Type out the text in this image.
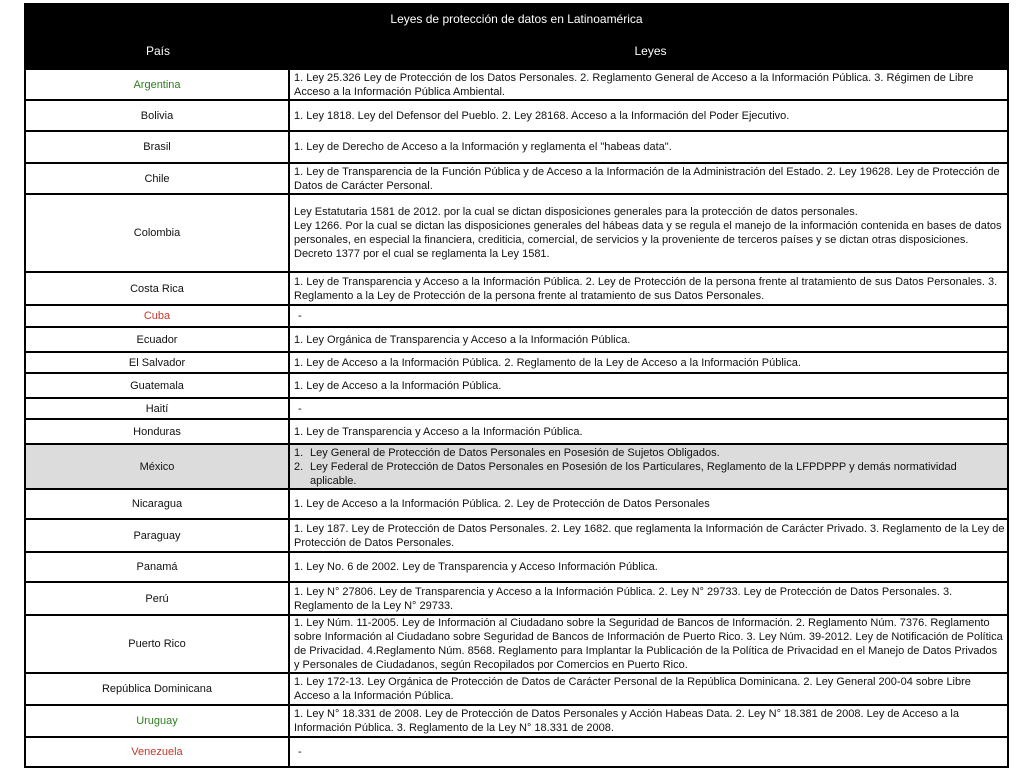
Leyes de protección de datos en Latinoamérica
País	Leyes
Argentina	1. Ley 25.326 Ley de Protección de los Datos Personales. 2. Reglamento General de Acceso a la Información Pública. 3. Régimen de Libre Acceso a la Información Pública Ambiental.

Bolivia	1. Ley 1818. Ley del Defensor del Pueblo. 2. Ley 28168. Acceso a la Información del Poder Ejecutivo.

Brasil	1. Ley de Derecho de Acceso a la Información y reglamenta el "habeas data".

Chile	1. Ley de Transparencia de la Función Pública y de Acceso a la Información de la Administración del Estado. 2. Ley 19628. Ley de Protección de Datos de Carácter Personal.

Colombia	Ley Estatutaria 1581 de 2012. por la cual se dictan disposiciones generales para la protección de datos personales.
Ley 1266. Por la cual se dictan las disposiciones generales del hábeas data y se regula el manejo de la información contenida en bases de datos personales, en especial la financiera, crediticia, comercial, de servicios y la proveniente de terceros países y se dictan otras disposiciones.
Decreto 1377 por el cual se reglamenta la Ley 1581.

Costa Rica	1. Ley de Transparencia y Acceso a la Información Pública. 2. Ley de Protección de la persona frente al tratamiento de sus Datos Personales. 3. Reglamento a la Ley de Protección de la persona frente al tratamiento de sus Datos Personales.

Cuba	-

Ecuador	1. Ley Orgánica de Transparencia y Acceso a la Información Pública.

El Salvador	1. Ley de Acceso a la Información Pública. 2. Reglamento de la Ley de Acceso a la Información Pública.

Guatemala	1. Ley de Acceso a la Información Pública.

Haití	-

Honduras	1. Ley de Transparencia y Acceso a la Información Pública.

México	1. Ley General de Protección de Datos Personales en Posesión de Sujetos Obligados.
2. Ley Federal de Protección de Datos Personales en Posesión de los Particulares, Reglamento de la LFPDPPP y demás normatividad aplicable.

Nicaragua	1. Ley de Acceso a la Información Pública. 2. Ley de Protección de Datos Personales

Paraguay	1. Ley 187. Ley de Protección de Datos Personales. 2. Ley 1682. que reglamenta la Información de Carácter Privado. 3. Reglamento de la Ley de Protección de Datos Personales.

Panamá	1. Ley No. 6 de 2002. Ley de Transparencia y Acceso Información Pública.

Perú	1. Ley N° 27806. Ley de Transparencia y Acceso a la Información Pública. 2. Ley N° 29733. Ley de Protección de Datos Personales. 3. Reglamento de la Ley N° 29733.

Puerto Rico	1. Ley Núm. 11-2005. Ley de Información al Ciudadano sobre la Seguridad de Bancos de Información. 2. Reglamento Núm. 7376. Reglamento sobre Información al Ciudadano sobre Seguridad de Bancos de Información de Puerto Rico. 3. Ley Núm. 39-2012. Ley de Notificación de Política de Privacidad. 4.Reglamento Núm. 8568. Reglamento para Implantar la Publicación de la Política de Privacidad en el Manejo de Datos Privados y Personales de Ciudadanos, según Recopilados por Comercios en Puerto Rico.

República Dominicana	1. Ley 172-13. Ley Orgánica de Protección de Datos de Carácter Personal de la República Dominicana. 2. Ley General 200-04 sobre Libre Acceso a la Información Pública.

Uruguay	1. Ley N° 18.331 de 2008. Ley de Protección de Datos Personales y Acción Habeas Data. 2. Ley N° 18.381 de 2008. Ley de Acceso a la Información Pública. 3. Reglamento de la Ley N° 18.331 de 2008.

Venezuela	-
